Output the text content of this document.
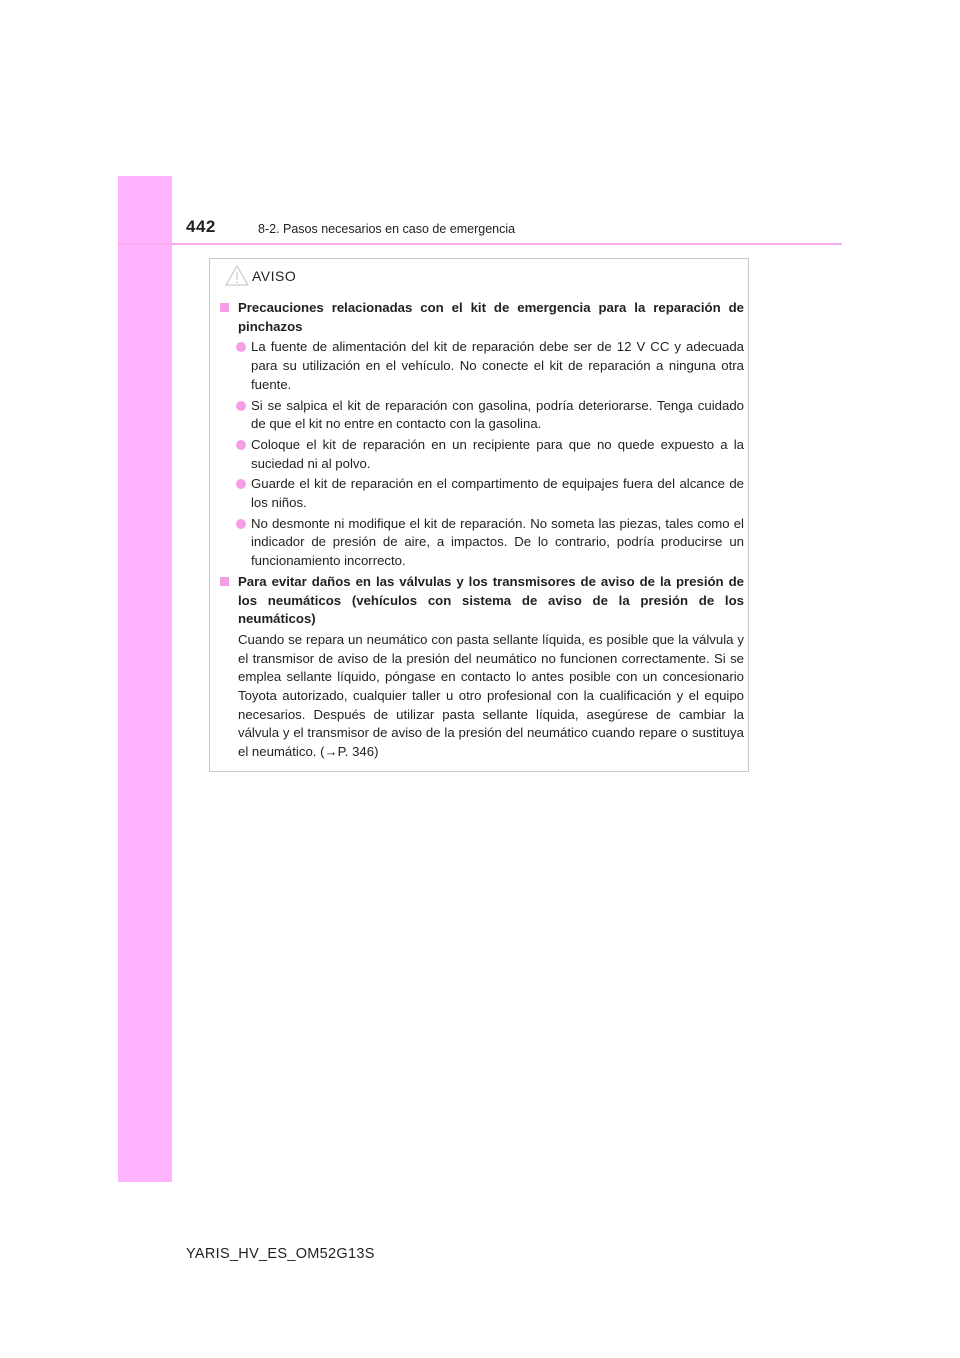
442	8-2. Pasos necesarios en caso de emergencia
AVISO
Precauciones relacionadas con el kit de emergencia para la reparación de pinchazos
La fuente de alimentación del kit de reparación debe ser de 12 V CC y adecuada para su utilización en el vehículo. No conecte el kit de reparación a ninguna otra fuente.
Si se salpica el kit de reparación con gasolina, podría deteriorarse. Tenga cuidado de que el kit no entre en contacto con la gasolina.
Coloque el kit de reparación en un recipiente para que no quede expuesto a la suciedad ni al polvo.
Guarde el kit de reparación en el compartimento de equipajes fuera del alcance de los niños.
No desmonte ni modifique el kit de reparación. No someta las piezas, tales como el indicador de presión de aire, a impactos. De lo contrario, podría producirse un funcionamiento incorrecto.
Para evitar daños en las válvulas y los transmisores de aviso de la presión de los neumáticos (vehículos con sistema de aviso de la presión de los neumáticos)
Cuando se repara un neumático con pasta sellante líquida, es posible que la válvula y el transmisor de aviso de la presión del neumático no funcionen correctamente. Si se emplea sellante líquido, póngase en contacto lo antes posible con un concesionario Toyota autorizado, cualquier taller u otro profesional con la cualificación y el equipo necesarios. Después de utilizar pasta sellante líquida, asegúrese de cambiar la válvula y el transmisor de aviso de la presión del neumático cuando repare o sustituya el neumático. (→P. 346)
YARIS_HV_ES_OM52G13S
